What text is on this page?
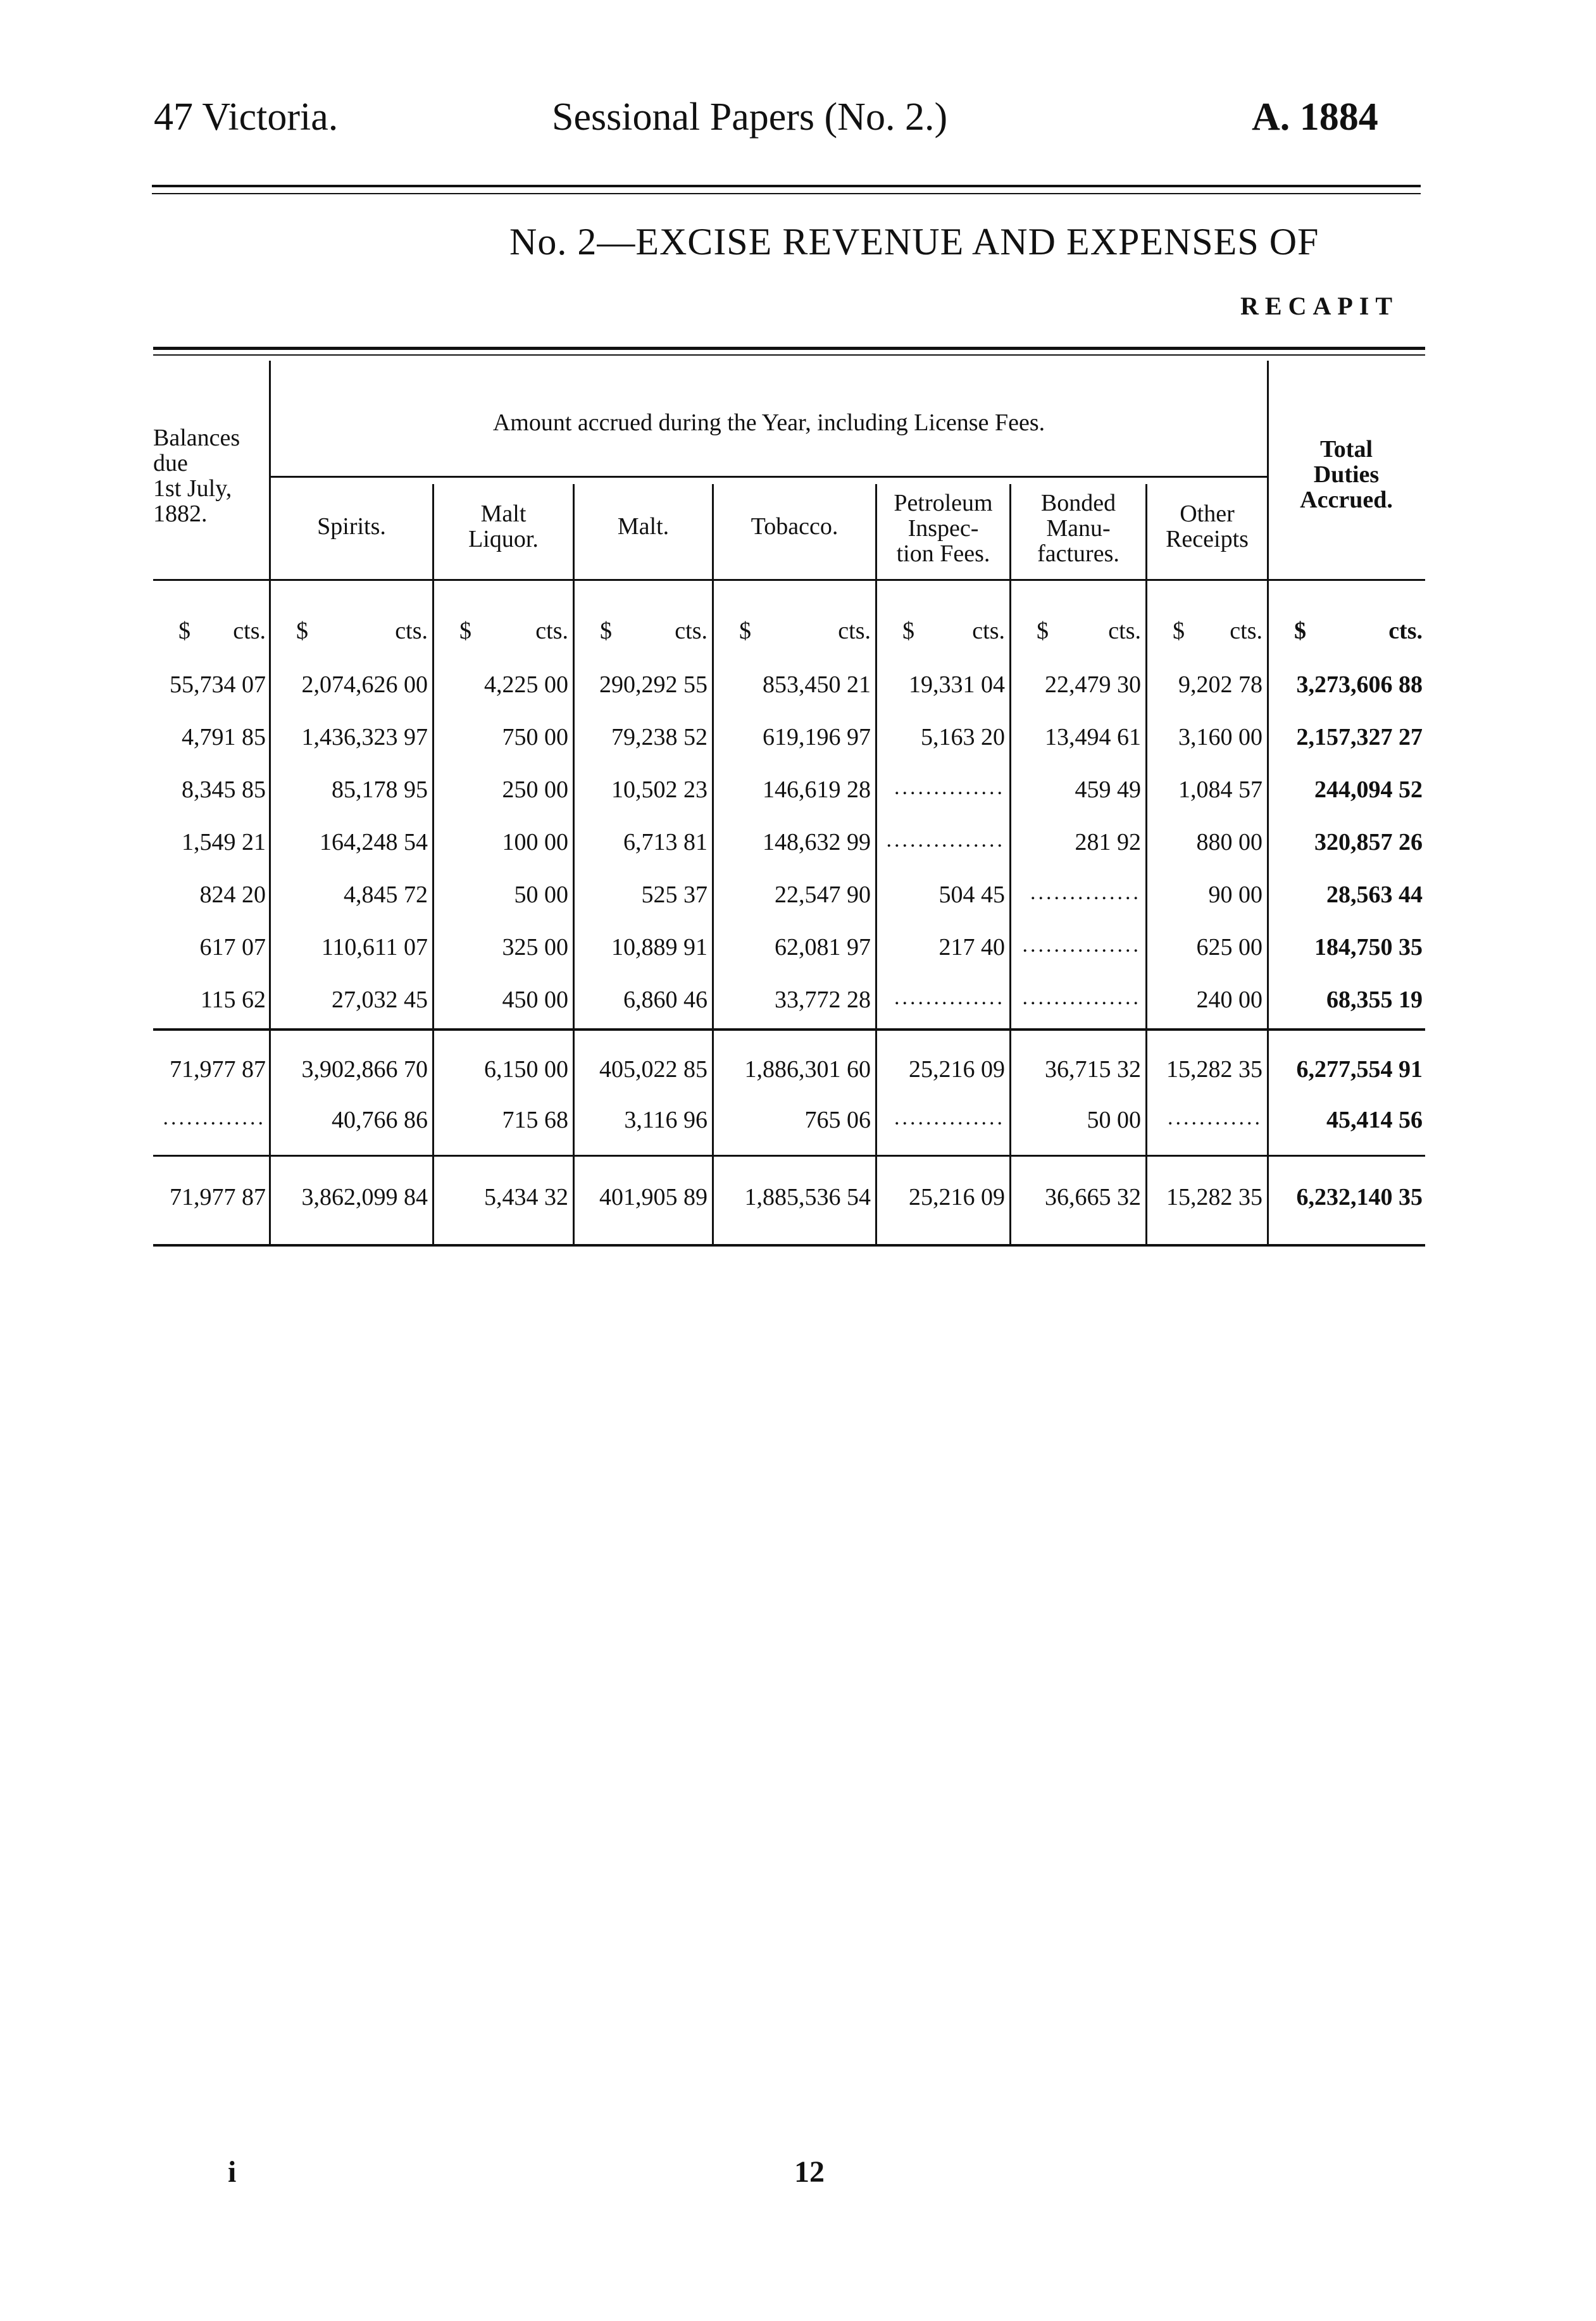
47 Victoria.	Sessional Papers (No. 2.)	A. 1884
No. 2—EXCISE REVENUE AND EXPENSES OF
RECAPIT
Amount accrued during the Year, including License Fees.
Balances
due
1st July,
1882.	Spirits.	Malt
Liquor.	Malt.	Tobacco.
Petroleum
Inspec-
tion Fees.
Bonded
Manu-
factures.
Other
Receipts
Total
Duties
Accrued.
$ cts.	$	cts.	$	cts.	$	cts.	$	cts.	$ cts.	$ cts.	$ cts.	$	cts.
55,734 07	2,074,626 00	4,225 00	290,292 55	853,450 21	19,331 04	22,479 30	9,202 78	3,273,606 88
4,791 85	1,436,323 97	750 00	79,238 52	619,196 97	5,163 20	13,494 61	3,160 00	2,157,327 27
8,345 85	85,178 95	250 00	10,502 23	146,619 28	..............	459 49	1,084 57	244,094 52
1,549 21	164,248 54	100 00	6,713 81	148,632 99 ...............	281 92	880 00	320,857 26
824 20	4,845 72	50 00	525 37	22,547 90	504 45	..............	90 00	28,563 44
617 07	110,611 07	325 00	10,889 91	62,081 97	217 40 ...............	625 00	184,750 35
115 62	27,032 45	450 00	6,860 46	33,772 28	.............. ...............	240 00	68,355 19
71,977 87	3,902,866 70	6,150 00	405,022 85	1,886,301 60	25,216 09	36,715 32	15,282 35	6,277,554 91
.............	40,766 86	715 68	3,116 96	765 06	..............	50 00	............	45,414 56
71,977 87	3,862,099 84	5,434 32	401,905 89	1,885,536 54	25,216 09	36,665 32	15,282 35	6,232,140 35
i	12
